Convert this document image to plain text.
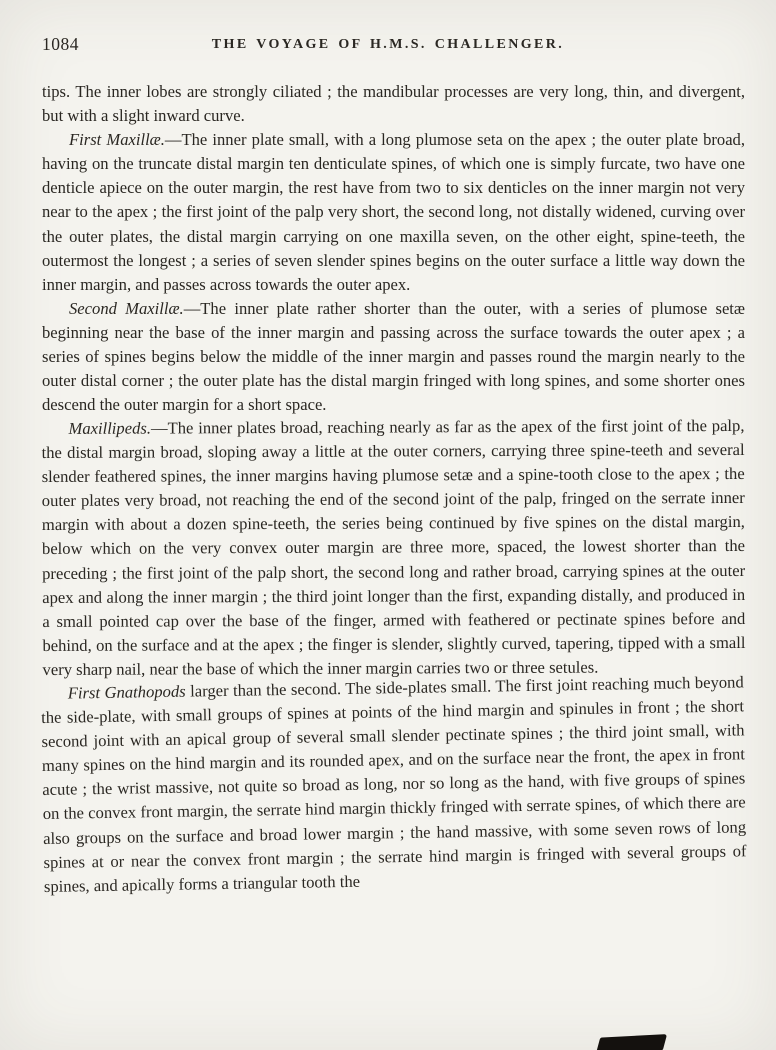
1084	THE VOYAGE OF H.M.S. CHALLENGER.

tips. The inner lobes are strongly ciliated ; the mandibular processes are very long, thin, and divergent, but with a slight inward curve.

First Maxillæ.—The inner plate small, with a long plumose seta on the apex ; the outer plate broad, having on the truncate distal margin ten denticulate spines, of which one is simply furcate, two have one denticle apiece on the outer margin, the rest have from two to six denticles on the inner margin not very near to the apex ; the first joint of the palp very short, the second long, not distally widened, curving over the outer plates, the distal margin carrying on one maxilla seven, on the other eight, spine-teeth, the outermost the longest ; a series of seven slender spines begins on the outer surface a little way down the inner margin, and passes across towards the outer apex.

Second Maxillæ.—The inner plate rather shorter than the outer, with a series of plumose setæ beginning near the base of the inner margin and passing across the surface towards the outer apex ; a series of spines begins below the middle of the inner margin and passes round the margin nearly to the outer distal corner ; the outer plate has the distal margin fringed with long spines, and some shorter ones descend the outer margin for a short space.

Maxillipeds.—The inner plates broad, reaching nearly as far as the apex of the first joint of the palp, the distal margin broad, sloping away a little at the outer corners, carrying three spine-teeth and several slender feathered spines, the inner margins having plumose setæ and a spine-tooth close to the apex ; the outer plates very broad, not reaching the end of the second joint of the palp, fringed on the serrate inner margin with about a dozen spine-teeth, the series being continued by five spines on the distal margin, below which on the very convex outer margin are three more, spaced, the lowest shorter than the preceding ; the first joint of the palp short, the second long and rather broad, carrying spines at the outer apex and along the inner margin ; the third joint longer than the first, expanding distally, and produced in a small pointed cap over the base of the finger, armed with feathered or pectinate spines before and behind, on the surface and at the apex ; the finger is slender, slightly curved, tapering, tipped with a small very sharp nail, near the base of which the inner margin carries two or three setules.

First Gnathopods larger than the second. The side-plates small. The first joint reaching much beyond the side-plate, with small groups of spines at points of the hind margin and spinules in front ; the short second joint with an apical group of several small slender pectinate spines ; the third joint small, with many spines on the hind margin and its rounded apex, and on the surface near the front, the apex in front acute ; the wrist massive, not quite so broad as long, nor so long as the hand, with five groups of spines on the convex front margin, the serrate hind margin thickly fringed with serrate spines, of which there are also groups on the surface and broad lower margin ; the hand massive, with some seven rows of long spines at or near the convex front margin ; the serrate hind margin is fringed with several groups of spines, and apically forms a triangular tooth the
